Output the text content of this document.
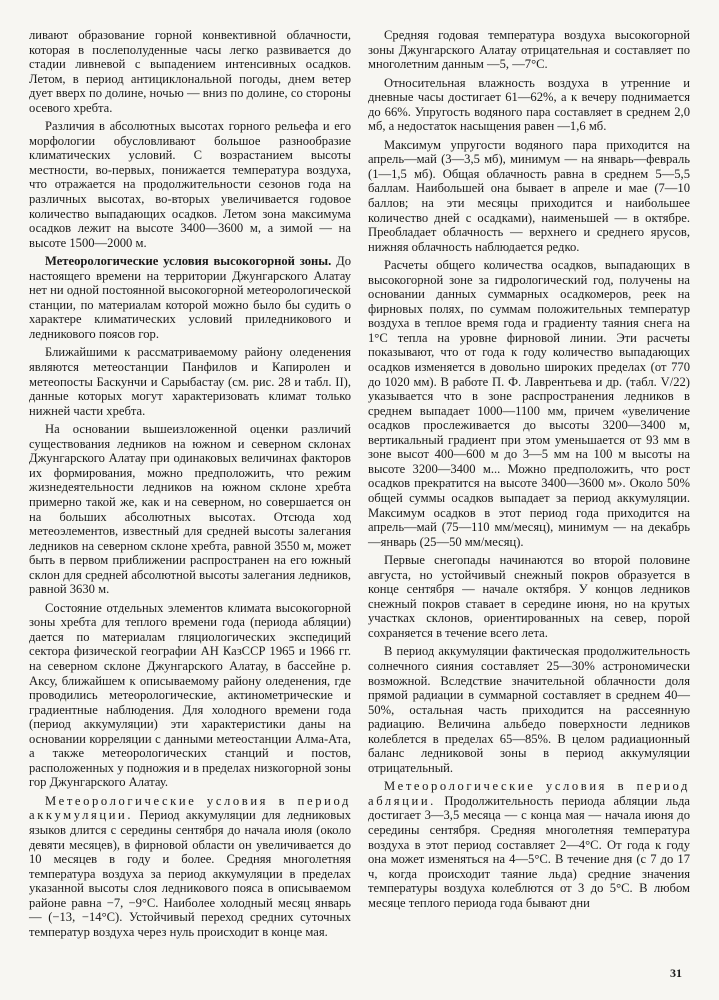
ливают образование горной конвективной облачности, которая в послеполуденные часы легко развивается до стадии ливневой с выпадением интенсивных осадков. Летом, в период антициклональной погоды, днем ветер дует вверх по долине, ночью — вниз по долине, со стороны осевого хребта.

Различия в абсолютных высотах горного рельефа и его морфологии обусловливают большое разнообразие климатических условий. С возрастанием высоты местности, во-первых, понижается температура воздуха, что отражается на продолжительности сезонов года на различных высотах, во-вторых увеличивается годовое количество выпадающих осадков. Летом зона максимума осадков лежит на высоте 3400—3600 м, а зимой — на высоте 1500—2000 м.

Метеорологические условия высокогорной зоны. До настоящего времени на территории Джунгарского Алатау нет ни одной постоянной высокогорной метеорологической станции, по материалам которой можно было бы судить о характере климатических условий приледникового и ледникового поясов гор.

Ближайшими к рассматриваемому району оледенения являются метеостанции Панфилов и Капиролен и метеопосты Баскунчи и Сарыбастау (см. рис. 28 и табл. II), данные которых могут характеризовать климат только нижней части хребта.

На основании вышеизложенной оценки различий существования ледников на южном и северном склонах Джунгарского Алатау при одинаковых величинах факторов их формирования, можно предположить, что режим жизнедеятельности ледников на южном склоне хребта примерно такой же, как и на северном, но совершается он на больших абсолютных высотах. Отсюда ход метеоэлементов, известный для средней высоты залегания ледников на северном склоне хребта, равной 3550 м, может быть в первом приближении распространен на его южный склон для средней абсолютной высоты залегания ледников, равной 3630 м.

Состояние отдельных элементов климата высокогорной зоны хребта для теплого времени года (периода абляции) дается по материалам гляциологических экспедиций сектора физической географии АН КазССР 1965 и 1966 гг. на северном склоне Джунгарского Алатау, в бассейне р. Аксу, ближайшем к описываемому району оледенения, где проводились метеорологические, актинометрические и градиентные наблюдения. Для холодного времени года (период аккумуляции) эти характеристики даны на основании корреляции с данными метеостанции Алма-Ата, а также метеорологических станций и постов, расположенных у подножия и в пределах низкогорной зоны гор Джунгарского Алатау.

Метеорологические условия в период аккумуляции. Период аккумуляции для ледниковых языков длится с середины сентября до начала июля (около девяти месяцев), в фирновой области он увеличивается до 10 месяцев в году и более. Средняя многолетняя температура воздуха за период аккумуляции в пределах указанной высоты слоя ледникового пояса в описываемом районе равна −7, −9°С. Наиболее холодный месяц январь — (−13, −14°С). Устойчивый переход средних суточных температур воздуха через нуль происходит в конце мая.

Средняя годовая температура воздуха высокогорной зоны Джунгарского Алатау отрицательная и составляет по многолетним данным —5, —7°С.

Относительная влажность воздуха в утренние и дневные часы достигает 61—62%, а к вечеру поднимается до 66%. Упругость водяного пара составляет в среднем 2,0 мб, а недостаток насыщения равен —1,6 мб.

Максимум упругости водяного пара приходится на апрель—май (3—3,5 мб), минимум — на январь—февраль (1—1,5 мб). Общая облачность равна в среднем 5—5,5 баллам. Наибольшей она бывает в апреле и мае (7—10 баллов; на эти месяцы приходится и наибольшее количество дней с осадками), наименьшей — в октябре. Преобладает облачность — верхнего и среднего ярусов, нижняя облачность наблюдается редко.

Расчеты общего количества осадков, выпадающих в высокогорной зоне за гидрологический год, получены на основании данных суммарных осадкомеров, реек на фирновых полях, по суммам положительных температур воздуха в теплое время года и градиенту таяния снега на 1°С тепла на уровне фирновой линии. Эти расчеты показывают, что от года к году количество выпадающих осадков изменяется в довольно широких пределах (от 770 до 1020 мм). В работе П. Ф. Лаврентьева и др. (табл. V/22) указывается что в зоне распространения ледников в среднем выпадает 1000—1100 мм, причем «увеличение осадков прослеживается до высоты 3200—3400 м, вертикальный градиент при этом уменьшается от 93 мм в зоне высот 400—600 м до 3—5 мм на 100 м высоты на высоте 3200—3400 м... Можно предположить, что рост осадков прекратится на высоте 3400—3600 м». Около 50% общей суммы осадков выпадает за период аккумуляции. Максимум осадков в этот период года приходится на апрель—май (75—110 мм/месяц), минимум — на декабрь—январь (25—50 мм/месяц).

Первые снегопады начинаются во второй половине августа, но устойчивый снежный покров образуется в конце сентября — начале октября. У концов ледников снежный покров ставает в середине июня, но на крутых участках склонов, ориентированных на север, порой сохраняется в течение всего лета.

В период аккумуляции фактическая продолжительность солнечного сияния составляет 25—30% астрономически возможной. Вследствие значительной облачности доля прямой радиации в суммарной составляет в среднем 40—50%, остальная часть приходится на рассеянную радиацию. Величина альбедо поверхности ледников колеблется в пределах 65—85%. В целом радиационный баланс ледниковой зоны в период аккумуляции отрицательный.

Метеорологические условия в период абляции. Продолжительность периода абляции льда достигает 3—3,5 месяца — с конца мая — начала июня до середины сентября. Средняя многолетняя температура воздуха в этот период составляет 2—4°С. От года к году она может изменяться на 4—5°С. В течение дня (с 7 до 17 ч, когда происходит таяние льда) средние значения температуры воздуха колеблются от 3 до 5°С. В любом месяце теплого периода года бывают дни

31
